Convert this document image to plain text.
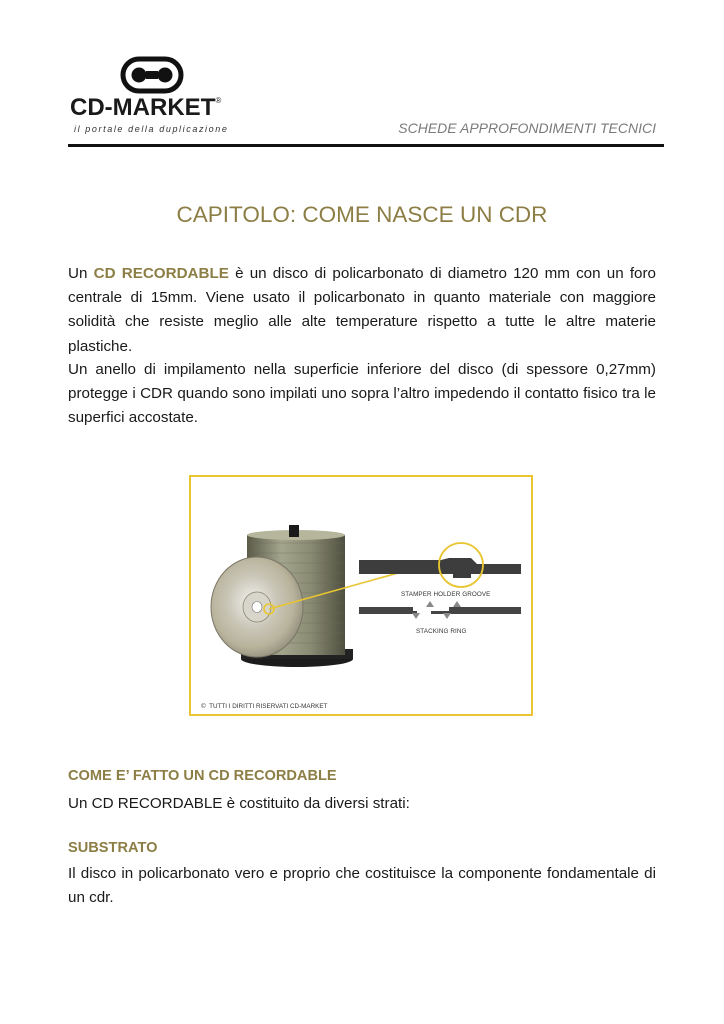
CD-MARKET®
il portale della duplicazione	SCHEDE APPROFONDIMENTI TECNICI
CAPITOLO: COME NASCE UN CDR
Un CD RECORDABLE è un disco di policarbonato di diametro 120 mm con un foro centrale di 15mm. Viene usato il policarbonato in quanto materiale con maggiore solidità che resiste meglio alle alte temperature rispetto a tutte le altre materie plastiche.
Un anello di impilamento nella superficie inferiore del disco (di spessore 0,27mm) protegge i CDR quando sono impilati uno sopra l’altro impedendo il contatto fisico tra le superfici accostate.
STAMPER HOLDER GROOVE
STACKING RING
© TUTTI I DIRITTI RISERVATI CD-MARKET
COME E’ FATTO UN CD RECORDABLE
Un CD RECORDABLE è costituito da diversi strati:
SUBSTRATO
Il disco in policarbonato vero e proprio che costituisce la componente fondamentale di un cdr.
